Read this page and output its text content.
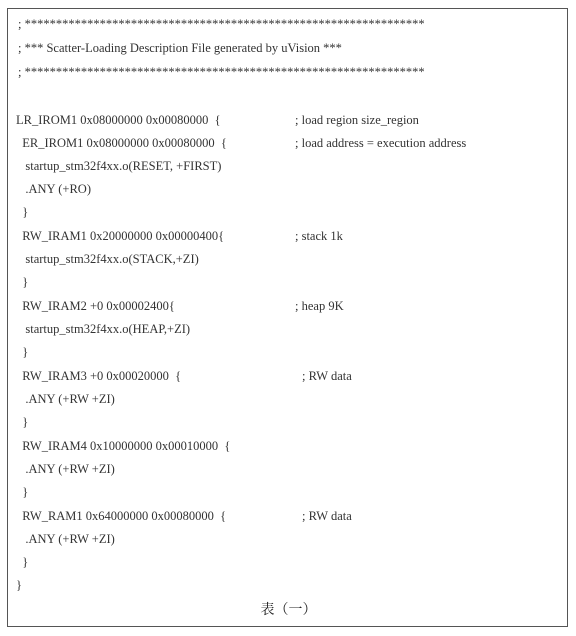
; ****************************************************************
; *** Scatter-Loading Description File generated by uVision ***
; ****************************************************************
LR_IROM1 0x08000000 0x00080000  {	; load region size_region
ER_IROM1 0x08000000 0x00080000  {	; load address = execution address
startup_stm32f4xx.o(RESET, +FIRST)
.ANY (+RO)
}
RW_IRAM1 0x20000000 0x00000400{	; stack 1k
startup_stm32f4xx.o(STACK,+ZI)
}
RW_IRAM2 +0 0x00002400{	; heap 9K
startup_stm32f4xx.o(HEAP,+ZI)
}
RW_IRAM3 +0 0x00020000  {	; RW data
.ANY (+RW +ZI)
}
RW_IRAM4 0x10000000 0x00010000  {
.ANY (+RW +ZI)
}
RW_RAM1 0x64000000 0x00080000  {	; RW data
.ANY (+RW +ZI)
}
}
表（一）
